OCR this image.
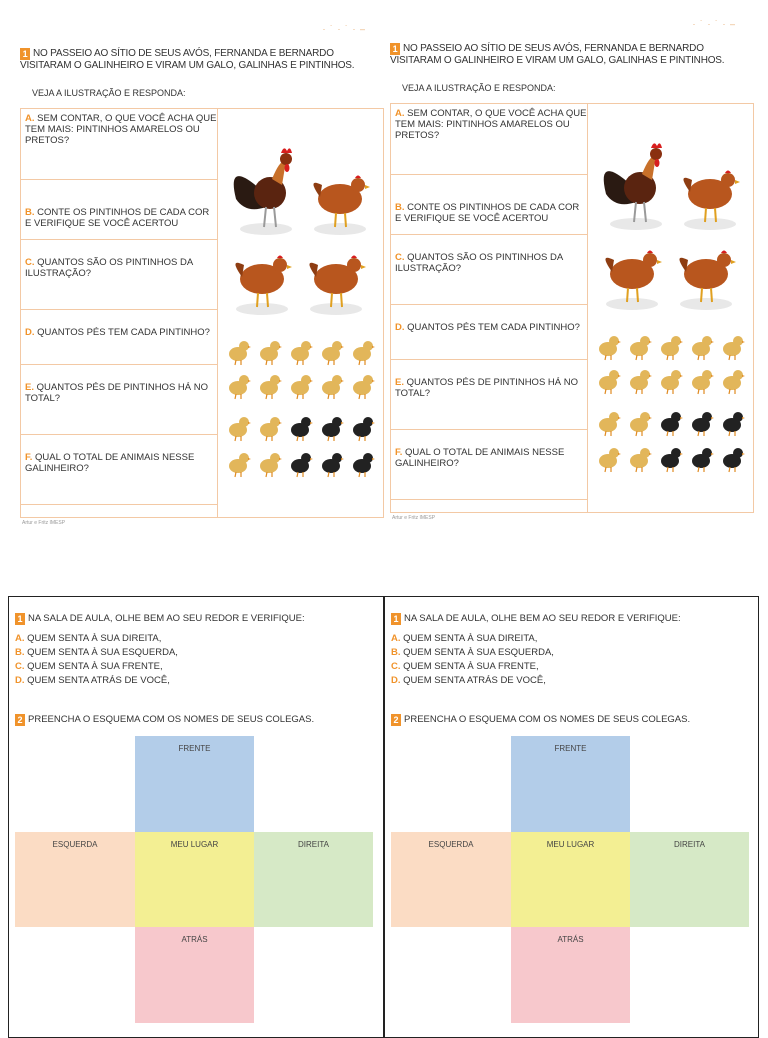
· ˙ · ˙ · ‒
1 NO PASSEIO AO SÍTIO DE SEUS AVÓS, FERNANDA E BERNARDO VISITARAM O GALINHEIRO E VIRAM UM GALO, GALINHAS E PINTINHOS.
VEJA A ILUSTRAÇÃO E RESPONDA:
A. SEM CONTAR, O QUE VOCÊ ACHA QUE TEM MAIS: PINTINHOS AMARELOS OU PRETOS?
B. CONTE OS PINTINHOS DE CADA COR E VERIFIQUE SE VOCÊ ACERTOU
C. QUANTOS SÃO OS PINTINHOS DA ILUSTRAÇÃO?
D. QUANTOS PÉS TEM CADA PINTINHO?
E. QUANTOS PÉS DE PINTINHOS HÁ NO TOTAL?
F. QUAL O TOTAL DE ANIMAIS NESSE GALINHEIRO?
Artur e Fritz IMESP
· ˙ · ˙ · ‒
1 NO PASSEIO AO SÍTIO DE SEUS AVÓS, FERNANDA E BERNARDO VISITARAM O GALINHEIRO E VIRAM UM GALO, GALINHAS E PINTINHOS.
VEJA A ILUSTRAÇÃO E RESPONDA:
A. SEM CONTAR, O QUE VOCÊ ACHA QUE TEM MAIS: PINTINHOS AMARELOS OU PRETOS?
B. CONTE OS PINTINHOS DE CADA COR E VERIFIQUE SE VOCÊ ACERTOU
C. QUANTOS SÃO OS PINTINHOS DA ILUSTRAÇÃO?
D. QUANTOS PÉS TEM CADA PINTINHO?
E. QUANTOS PÉS DE PINTINHOS HÁ NO TOTAL?
F. QUAL O TOTAL DE ANIMAIS NESSE GALINHEIRO?
Artur e Fritz IMESP
1 NA SALA DE AULA, OLHE BEM AO SEU REDOR E VERIFIQUE:
A. QUEM SENTA À SUA DIREITA,
B. QUEM SENTA À SUA ESQUERDA,
C. QUEM SENTA À SUA FRENTE,
D. QUEM SENTA ATRÁS DE VOCÊ,
2 PREENCHA O ESQUEMA COM OS NOMES DE SEUS COLEGAS.
FRENTE
ESQUERDA	MEU LUGAR	DIREITA
ATRÁS
1 NA SALA DE AULA, OLHE BEM AO SEU REDOR E VERIFIQUE:
A. QUEM SENTA À SUA DIREITA,
B. QUEM SENTA À SUA ESQUERDA,
C. QUEM SENTA À SUA FRENTE,
D. QUEM SENTA ATRÁS DE VOCÊ,
2 PREENCHA O ESQUEMA COM OS NOMES DE SEUS COLEGAS.
FRENTE
ESQUERDA	MEU LUGAR	DIREITA
ATRÁS
